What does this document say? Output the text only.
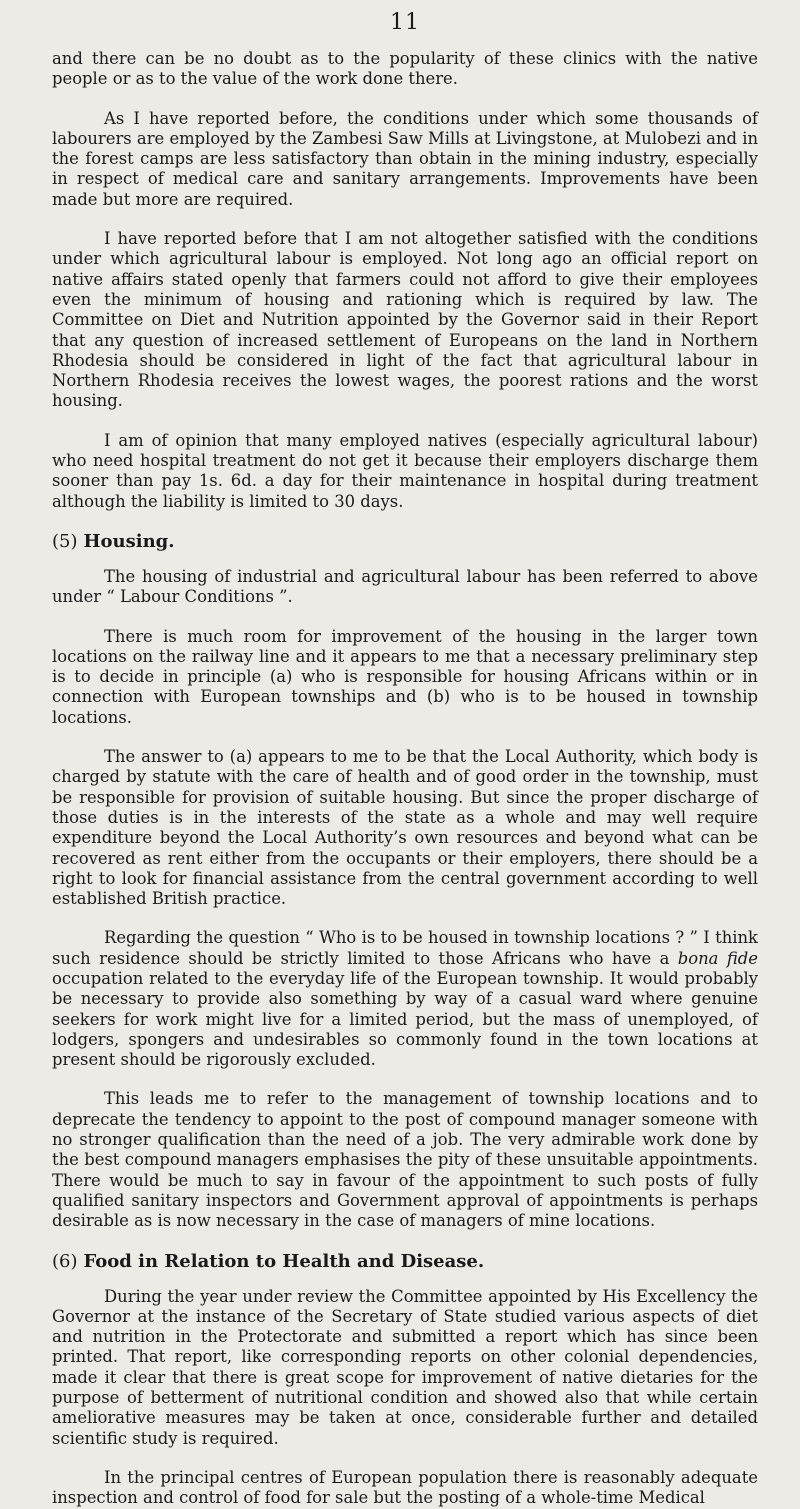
11

and there can be no doubt as to the popularity of these clinics with the native people or as to the value of the work done there.

As I have reported before, the conditions under which some thousands of labourers are employed by the Zambesi Saw Mills at Livingstone, at Mulobezi and in the forest camps are less satisfactory than obtain in the mining industry, especially in respect of medical care and sanitary arrangements. Improvements have been made but more are required.

I have reported before that I am not altogether satisfied with the conditions under which agricultural labour is employed. Not long ago an official report on native affairs stated openly that farmers could not afford to give their employees even the minimum of housing and rationing which is required by law. The Committee on Diet and Nutrition appointed by the Governor said in their Report that any question of increased settlement of Europeans on the land in Northern Rhodesia should be considered in light of the fact that agricultural labour in Northern Rhodesia receives the lowest wages, the poorest rations and the worst housing.

I am of opinion that many employed natives (especially agricultural labour) who need hospital treatment do not get it because their employers discharge them sooner than pay 1s. 6d. a day for their maintenance in hospital during treatment although the liability is limited to 30 days.

(5) Housing.

The housing of industrial and agricultural labour has been referred to above under “ Labour Conditions ”.

There is much room for improvement of the housing in the larger town locations on the railway line and it appears to me that a necessary preliminary step is to decide in principle (a) who is responsible for housing Africans within or in connection with European townships and (b) who is to be housed in township locations.

The answer to (a) appears to me to be that the Local Authority, which body is charged by statute with the care of health and of good order in the township, must be responsible for provision of suitable housing. But since the proper discharge of those duties is in the interests of the state as a whole and may well require expenditure beyond the Local Authority’s own resources and beyond what can be recovered as rent either from the occupants or their employers, there should be a right to look for financial assistance from the central government according to well established British practice.

Regarding the question “ Who is to be housed in township locations ? ” I think such residence should be strictly limited to those Africans who have a bona fide occupation related to the everyday life of the European township. It would probably be necessary to provide also something by way of a casual ward where genuine seekers for work might live for a limited period, but the mass of unemployed, of lodgers, spongers and undesirables so commonly found in the town locations at present should be rigorously excluded.

This leads me to refer to the management of township locations and to deprecate the tendency to appoint to the post of compound manager someone with no stronger qualification than the need of a job. The very admirable work done by the best compound managers emphasises the pity of these unsuitable appointments. There would be much to say in favour of the appointment to such posts of fully qualified sanitary inspectors and Government approval of appointments is perhaps desirable as is now necessary in the case of managers of mine locations.

(6) Food in Relation to Health and Disease.

During the year under review the Committee appointed by His Excellency the Governor at the instance of the Secretary of State studied various aspects of diet and nutrition in the Protectorate and submitted a report which has since been printed. That report, like corresponding reports on other colonial dependencies, made it clear that there is great scope for improvement of native dietaries for the purpose of betterment of nutritional condition and showed also that while certain ameliorative measures may be taken at once, considerable further and detailed scientific study is required.

In the principal centres of European population there is reasonably adequate inspection and control of food for sale but the posting of a whole-time Medical
